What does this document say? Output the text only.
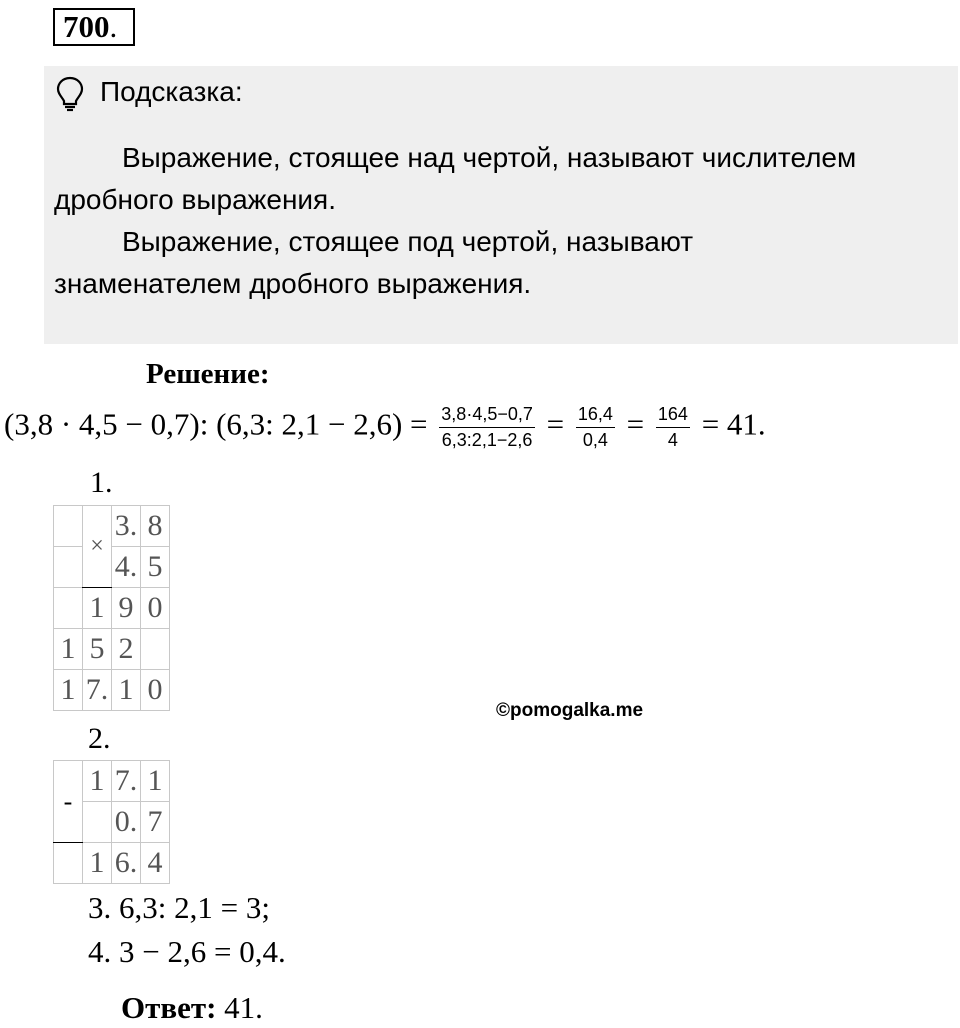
700.
Подсказка:
Выражение, стоящее над чертой, называют числителем
дробного выражения.
Выражение, стоящее под чертой, называют
знаменателем дробного выражения.
Решение:
(3,8 · 4,5 − 0,7): (6,3: $2,1 - 2,6) = \frac{3,8\cdot 4,5-0,7}{6,3:2,1-2,6} = \frac{16,4}{0,4} = \frac{164}{4} = 41$.
1.
	×	3.	8
		4.	5
	1	9	0
1	5	2	
1	7.	1	0
©pomogalka.me
2.
-	1	7.	1
		0.	7
	1	6.	4
3. 6,3: 2,1 = 3;
4. 3 − 2,6 = 0,4.
Ответ: 41.
